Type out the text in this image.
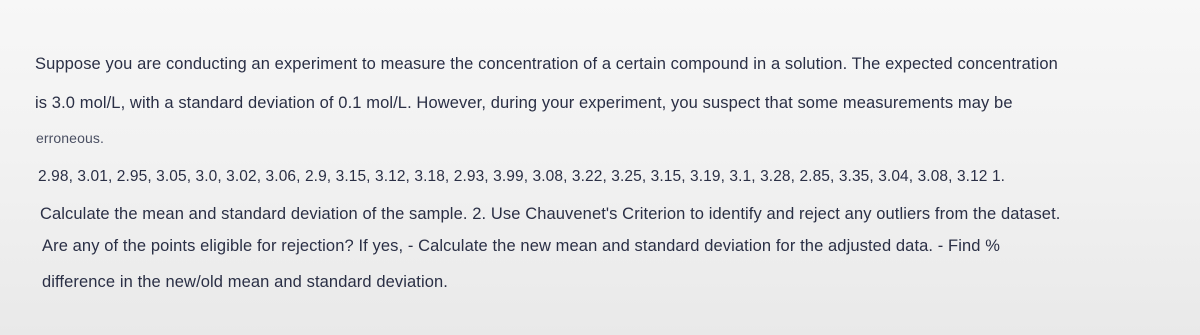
Suppose you are conducting an experiment to measure the concentration of a certain compound in a solution. The expected concentration
is 3.0 mol/L, with a standard deviation of 0.1 mol/L. However, during your experiment, you suspect that some measurements may be
erroneous.
2.98, 3.01, 2.95, 3.05, 3.0, 3.02, 3.06, 2.9, 3.15, 3.12, 3.18, 2.93, 3.99, 3.08, 3.22, 3.25, 3.15, 3.19, 3.1, 3.28, 2.85, 3.35, 3.04, 3.08, 3.12 1.
Calculate the mean and standard deviation of the sample. 2. Use Chauvenet's Criterion to identify and reject any outliers from the dataset.
Are any of the points eligible for rejection? If yes, - Calculate the new mean and standard deviation for the adjusted data. - Find %
difference in the new/old mean and standard deviation.
